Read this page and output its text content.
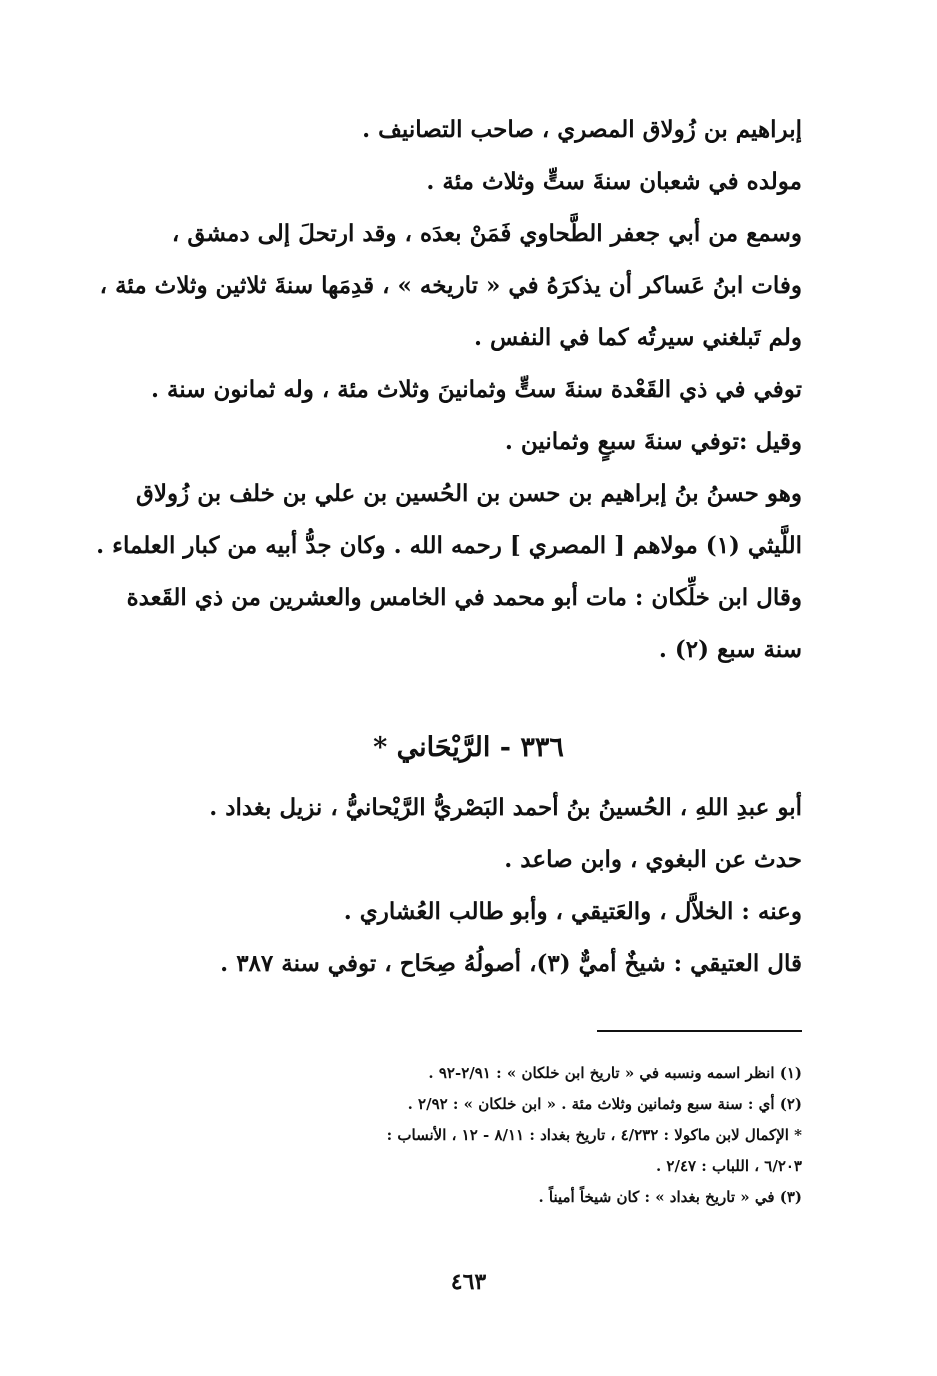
إبراهيم بن زُولاق المصري ، صاحب التصانيف .
مولده في شعبان سنةَ ستٍّ وثلاث مئة .
وسمع من أبي جعفر الطَّحاوي فَمَنْ بعدَه ، وقد ارتحلَ إلى دمشق ،
وفات ابنُ عَساكر أن يذكرَهُ في « تاريخه » ، قدِمَها سنةَ ثلاثين وثلاث مئة ،
ولم تَبلغني سيرتُه كما في النفس .
توفي في ذي القَعْدة سنةَ ستٍّ وثمانينَ وثلاث مئة ، وله ثمانون سنة .
وقيل :توفي سنةَ سبعٍ وثمانين .
وهو حسنُ بنُ إبراهيم بن حسن بن الحُسين بن علي بن خلف بن زُولاق
اللَّيثي (١) مولاهم [ المصري ] رحمه الله . وكان جدُّ أبيه من كبار العلماء .
وقال ابن خلِّكان : مات أبو محمد في الخامس والعشرين من ذي القَعدة
سنة سبع (٢) .
٣٣٦ - الرَّيْحَاني *
أبو عبدِ اللهِ ، الحُسينُ بنُ أحمد البَصْريُّ الرَّيْحانيُّ ، نزيل بغداد .
حدث عن البغوي ، وابن صاعد .
وعنه : الخلاَّل ، والعَتيقي ، وأبو طالب العُشاري .
قال العتيقي : شيخٌ أميٌّ (٣)، أصولُهُ صِحَاح ، توفي سنة ٣٨٧ .
(١) انظر اسمه ونسبه في « تاريخ ابن خلكان » : ٢/٩١-٩٢ .
(٢) أي : سنة سبع وثمانين وثلاث مئة . « ابن خلكان » : ٢/٩٢ .
* الإكمال لابن ماكولا : ٤/٢٣٢ ، تاريخ بغداد : ٨/١١ - ١٢ ، الأنساب :
٦/٢٠٣ ، اللباب : ٢/٤٧ .
(٣) في « تاريخ بغداد » : كان شيخاً أميناً .
٤٦٣
